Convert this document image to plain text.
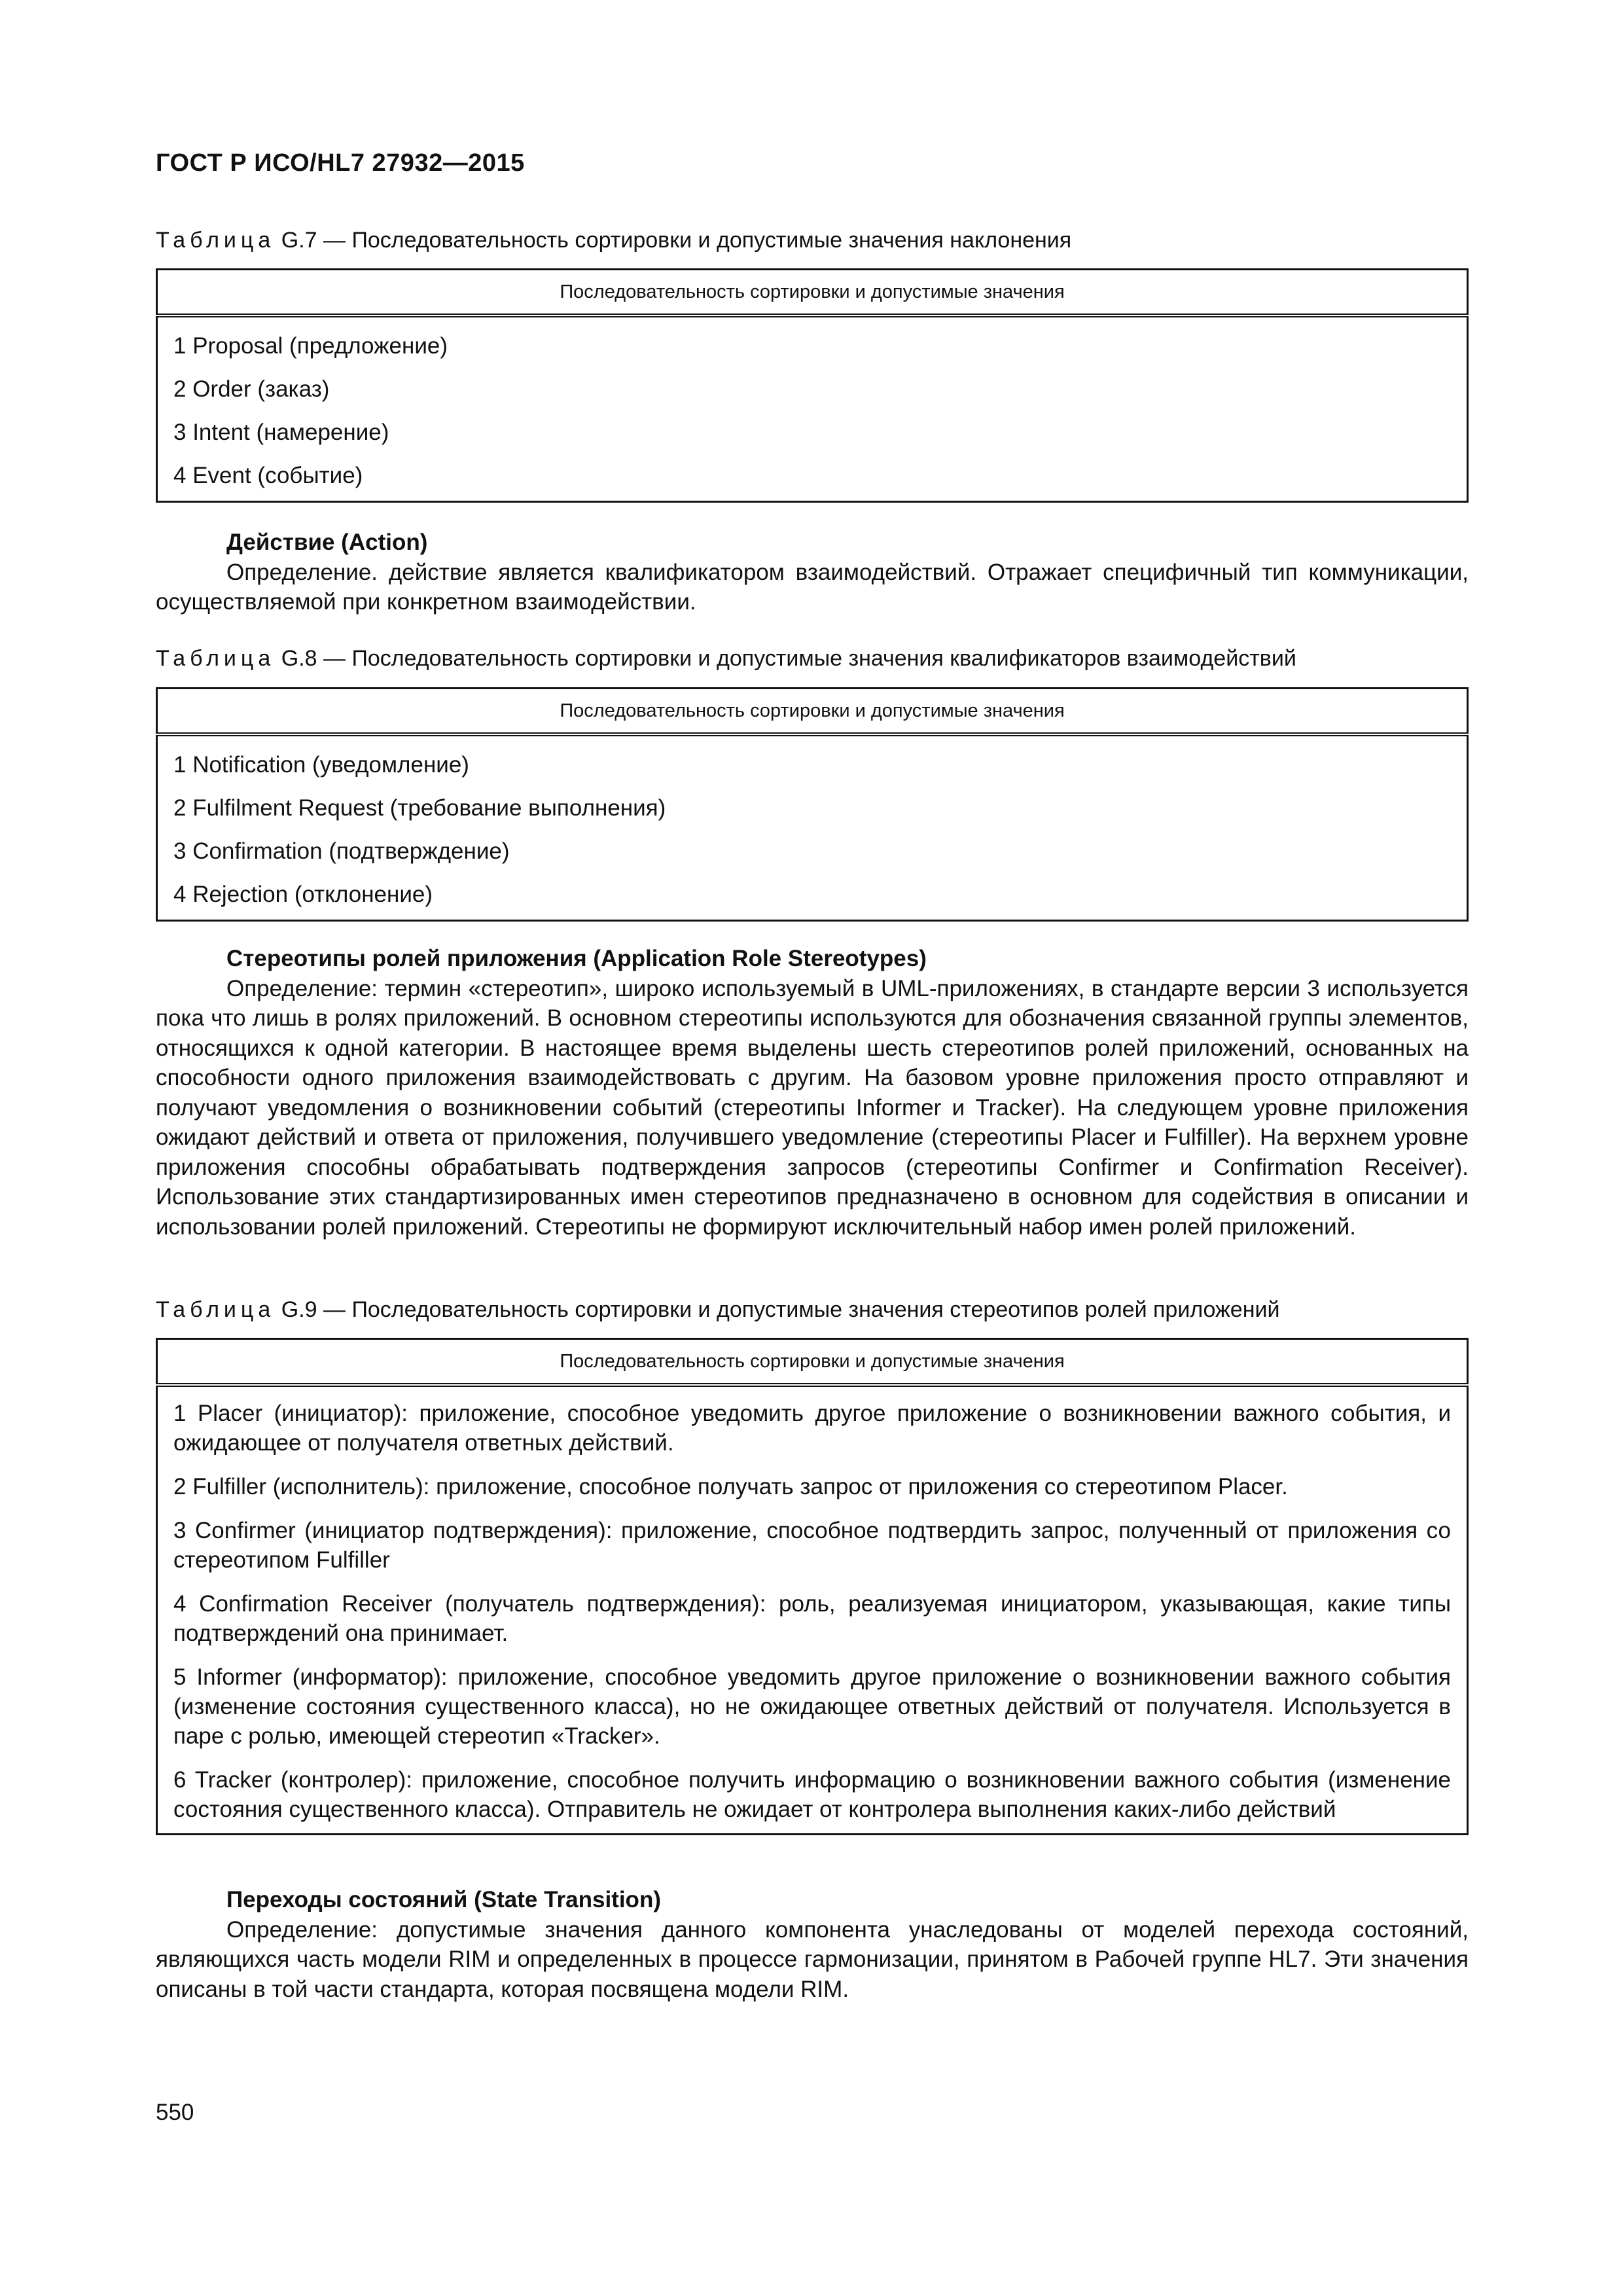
ГОСТ Р ИСО/HL7 27932—2015
Таблица G.7 — Последовательность сортировки и допустимые значения наклонения
Последовательность сортировки и допустимые значения
1 Proposal (предложение)
2 Order (заказ)
3 Intent (намерение)
4 Event (событие)
Действие (Action)

Определение. действие является квалификатором взаимодействий. Отражает специфичный тип коммуникации, осуществляемой при конкретном взаимодействии.

Таблица G.8 — Последовательность сортировки и допустимые значения квалификаторов взаимодействий
Последовательность сортировки и допустимые значения
1 Notification (уведомление)
2 Fulfilment Request (требование выполнения)
3 Confirmation (подтверждение)
4 Rejection (отклонение)
Стереотипы ролей приложения (Application Role Stereotypes)

Определение: термин «стереотип», широко используемый в UML-приложениях, в стандарте версии 3 используется пока что лишь в ролях приложений. В основном стереотипы используются для обозначения связанной группы элементов, относящихся к одной категории. В настоящее время выделены шесть стереотипов ролей приложений, основанных на способности одного приложения взаимодействовать с другим. На базовом уровне приложения просто отправляют и получают уведомления о возникновении событий (стереотипы Informer и Tracker). На следующем уровне приложения ожидают действий и ответа от приложения, получившего уведомление (стереотипы Placer и Fulfiller). На верхнем уровне приложения способны обрабатывать подтверждения запросов (стереотипы Confirmer и Confirmation Receiver). Использование этих стандартизированных имен стереотипов предназначено в основном для содействия в описании и использовании ролей приложений. Стереотипы не формируют исключительный набор имен ролей приложений.

Таблица G.9 — Последовательность сортировки и допустимые значения стереотипов ролей приложений
Последовательность сортировки и допустимые значения
1 Placer (инициатор): приложение, способное уведомить другое приложение о возникновении важного события, и ожидающее от получателя ответных действий.
2 Fulfiller (исполнитель): приложение, способное получать запрос от приложения со стереотипом Placer.
3 Confirmer (инициатор подтверждения): приложение, способное подтвердить запрос, полученный от приложения со стереотипом Fulfiller
4 Confirmation Receiver (получатель подтверждения): роль, реализуемая инициатором, указывающая, какие типы подтверждений она принимает.
5 Informer (информатор): приложение, способное уведомить другое приложение о возникновении важного события (изменение состояния существенного класса), но не ожидающее ответных действий от получателя. Используется в паре с ролью, имеющей стереотип «Tracker».
6 Tracker (контролер): приложение, способное получить информацию о возникновении важного события (изменение состояния существенного класса). Отправитель не ожидает от контролера выполнения каких-либо действий
Переходы состояний (State Transition)

Определение: допустимые значения данного компонента унаследованы от моделей перехода состояний, являющихся часть модели RIM и определенных в процессе гармонизации, принятом в Рабочей группе HL7. Эти значения описаны в той части стандарта, которая посвящена модели RIM.

550
